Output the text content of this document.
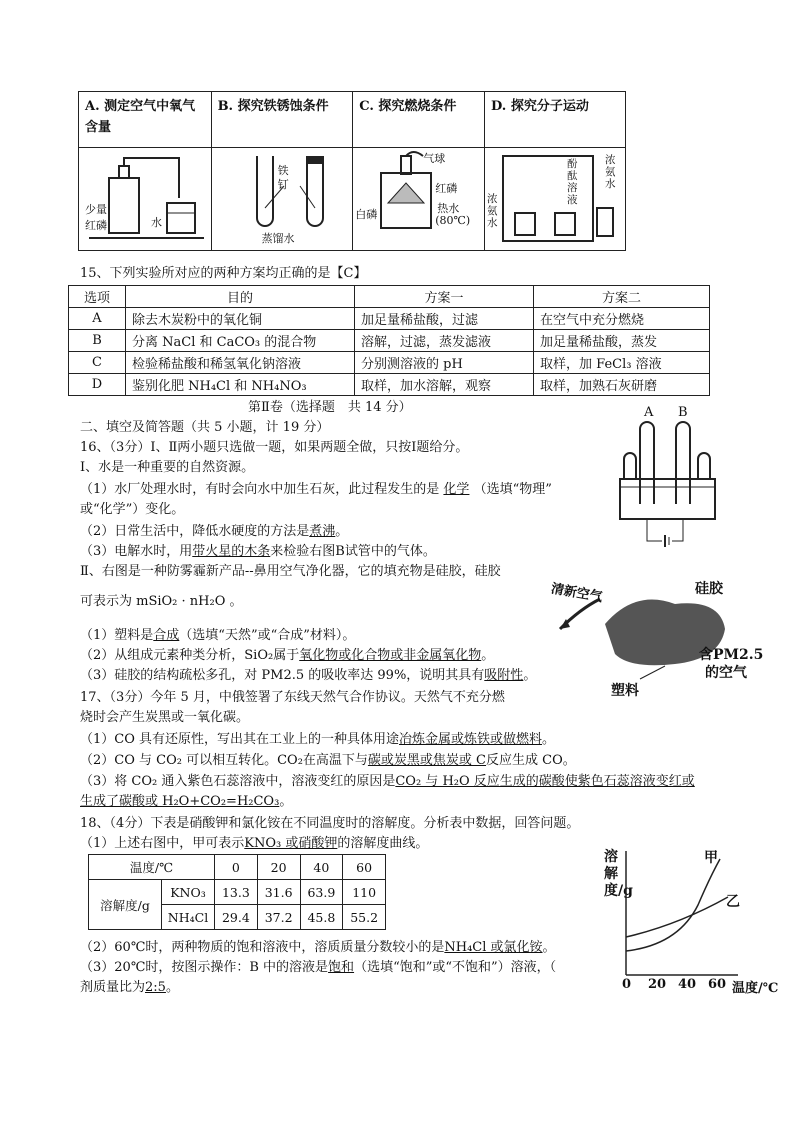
A. 测定空气中氧气含量	B. 探究铁锈蚀条件	C. 探究燃烧条件	D. 探究分子运动

少量
红磷 水	铁
钉
蒸馏水	气球
红磷
白磷 热水
(80℃)	酚酞溶液
浓氨水
浓氨水
15、下列实验所对应的两种方案均正确的是【C】
选项	目的	方案一	方案二
A	除去木炭粉中的氧化铜	加足量稀盐酸，过滤	在空气中充分燃烧
B	分离 NaCl 和 CaCO₃ 的混合物	溶解，过滤，蒸发滤液	加足量稀盐酸，蒸发
C	检验稀盐酸和稀氢氧化钠溶液	分别测溶液的 pH	取样，加 FeCl₃ 溶液
D	鉴别化肥 NH₄Cl 和 NH₄NO₃	取样，加水溶解，观察	取样，加熟石灰研磨
第Ⅱ卷（选择题　共 14 分）
二、填空及简答题（共 5 小题，计 19 分）
16、（3分）Ⅰ、Ⅱ两小题只选做一题，如果两题全做，只按Ⅰ题给分。
Ⅰ、水是一种重要的自然资源。
（1）水厂处理水时，有时会向水中加生石灰，此过程发生的是 化学 （选填“物理”
或“化学”）变化。
（2）日常生活中，降低水硬度的方法是煮沸。
（3）电解水时，用带火星的木条来检验右图B试管中的气体。
Ⅱ、右图是一种防雾霾新产品--鼻用空气净化器，它的填充物是硅胶，硅胶
可表示为 mSiO₂ · nH₂O 。
（1）塑料是合成（选填“天然”或“合成”材料）。
（2）从组成元素种类分析，SiO₂属于氧化物或化合物或非金属氧化物。
（3）硅胶的结构疏松多孔，对 PM2.5 的吸收率达 99%，说明其具有吸附性。
A B
清新空气	硅胶
含PM2.5
的空气
塑料
17、（3分）今年 5 月，中俄签署了东线天然气合作协议。天然气不充分燃
烧时会产生炭黑或一氧化碳。
（1）CO 具有还原性，写出其在工业上的一种具体用途冶炼金属或炼铁或做燃料。
（2）CO 与 CO₂ 可以相互转化。CO₂在高温下与碳或炭黑或焦炭或 C反应生成 CO。
（3）将 CO₂ 通入紫色石蕊溶液中，溶液变红的原因是CO₂ 与 H₂O 反应生成的碳酸使紫色石蕊溶液变红或
生成了碳酸或 H₂O+CO₂=H₂CO₃。
18、（4分）下表是硝酸钾和氯化铵在不同温度时的溶解度。分析表中数据，回答问题。
（1）上述右图中，甲可表示KNO₃ 或硝酸钾的溶解度曲线。
温度/℃		0	20	40	60
溶解度/g	KNO₃	13.3	31.6	63.9	110
	NH₄Cl	29.4	37.2	45.8	55.2
（2）60℃时，两种物质的饱和溶液中，溶质质量分数较小的是NH₄Cl 或氯化铵。
（3）20℃时，按图示操作：B 中的溶液是饱和（选填“饱和”或“不饱和”）溶液，（
剂质量比为2:5。
溶解度/g
甲
乙
0 20 40 60 温度/℃
